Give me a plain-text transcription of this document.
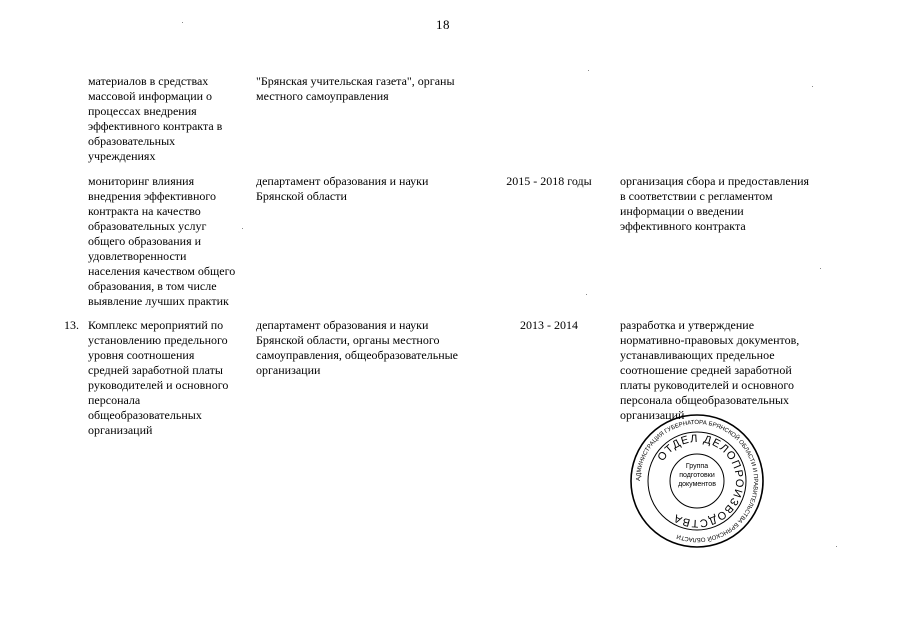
18
материалов в средствах
массовой информации о
процессах внедрения
эффективного контракта в
образовательных
учреждениях
"Брянская учительская газета", органы
местного самоуправления
мониторинг влияния
внедрения эффективного
контракта на качество
образовательных услуг
общего образования и
удовлетворенности
населения качеством общего
образования, в том числе
выявление лучших практик
департамент образования и науки
Брянской области
2015 - 2018 годы	организация сбора и предоставления
в соответствии с регламентом
информации о введении
эффективного контракта
13. Комплекс мероприятий по
установлению предельного
уровня соотношения
средней заработной платы
руководителей и основного
персонала
общеобразовательных
организаций
департамент образования и науки
Брянской области, органы местного
самоуправления, общеобразовательные
организации
2013 - 2014	разработка и утверждение
нормативно-правовых документов,
устанавливающих предельное
соотношение средней заработной
платы руководителей и основного
персонала общеобразовательных
организаций
АДМИНИСТРАЦИЯ ГУБЕРНАТОРА БРЯНСКОЙ ОБЛАСТИ И ПРАВИТЕЛЬСТВА БРЯНСКОЙ ОБЛАСТИ
ОТДЕЛ ДЕЛОПРОИЗВОДСТВА
Группа подготовки документов
